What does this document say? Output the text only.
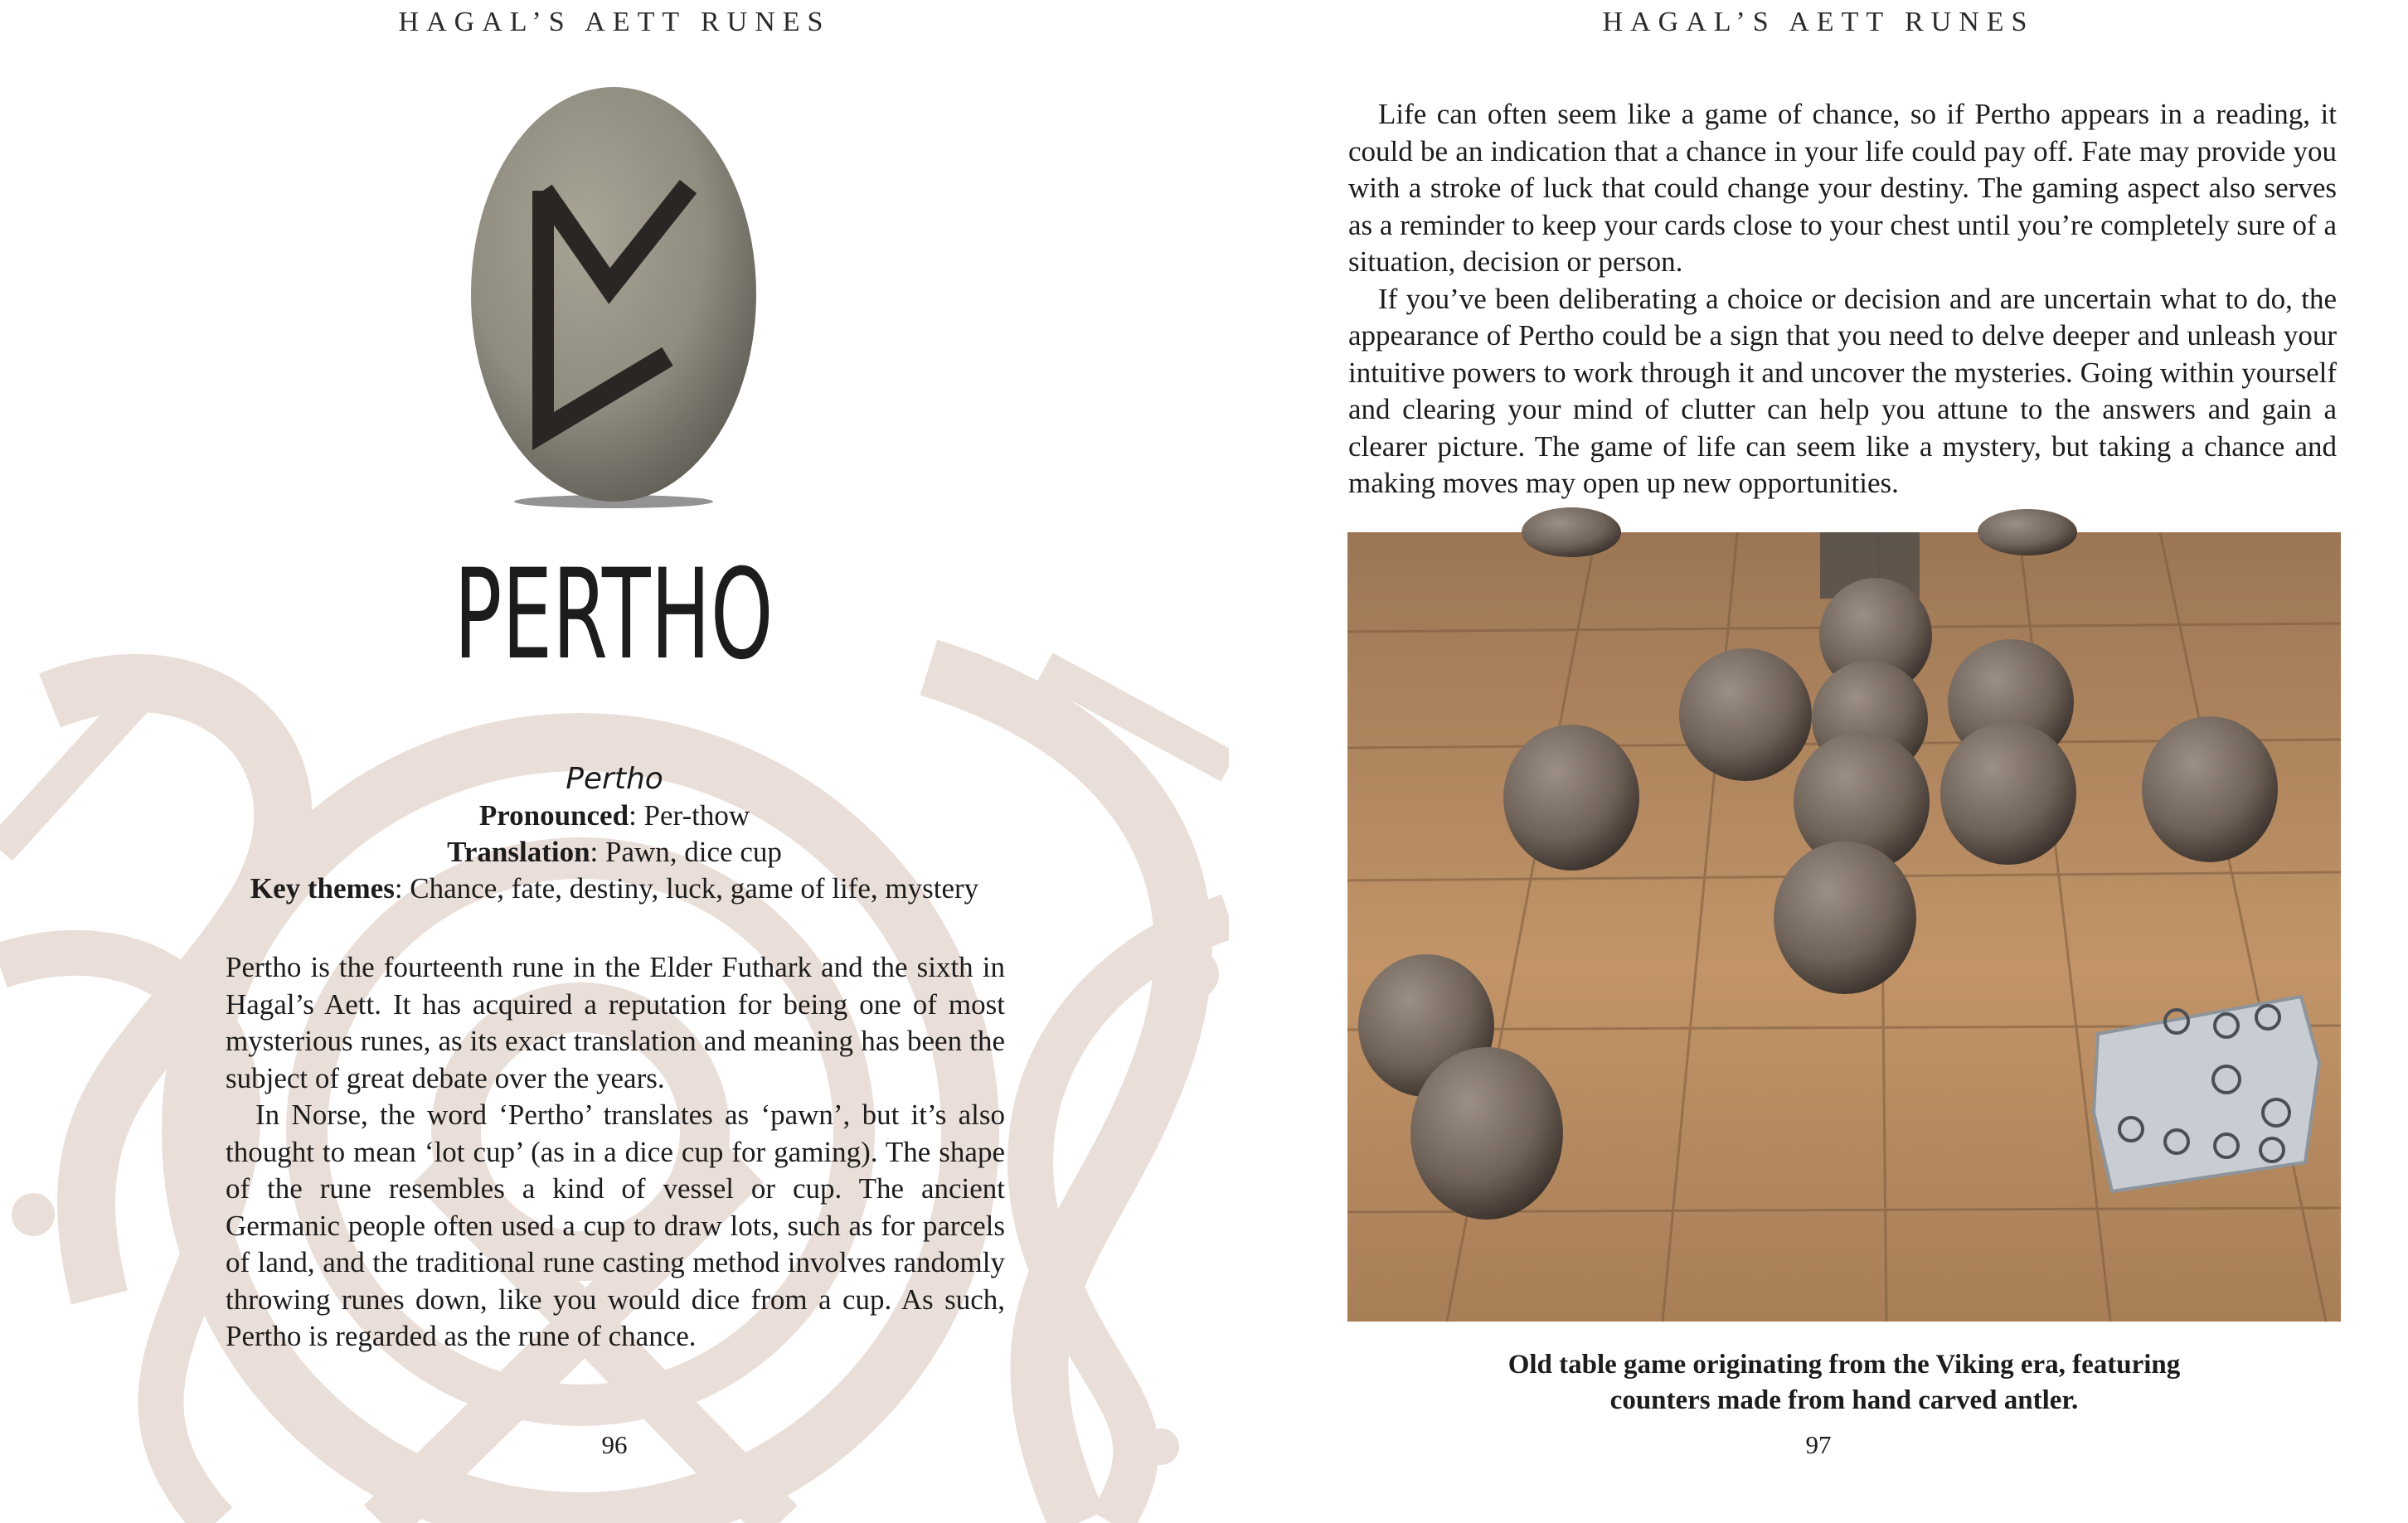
HAGAL’S AETT RUNES
PERTHO
Pertho
Pronounced: Per-thow
Translation: Pawn, dice cup
Key themes: Chance, fate, destiny, luck, game of life, mystery

Pertho is the fourteenth rune in the Elder Futhark and the sixth in Hagal’s Aett. It has acquired a reputation for being one of most mysterious runes, as its exact translation and meaning has been the subject of great debate over the years.

In Norse, the word ‘Pertho’ translates as ‘pawn’, but it’s also thought to mean ‘lot cup’ (as in a dice cup for gaming). The shape of the rune resembles a kind of vessel or cup. The ancient Germanic people often used a cup to draw lots, such as for parcels of land, and the traditional rune casting method involves randomly throwing runes down, like you would dice from a cup. As such, Pertho is regarded as the rune of chance.

96
HAGAL’S AETT RUNES

Life can often seem like a game of chance, so if Pertho appears in a reading, it could be an indication that a chance in your life could pay off. Fate may provide you with a stroke of luck that could change your destiny. The gaming aspect also serves as a reminder to keep your cards close to your chest until you’re completely sure of a situation, decision or person.

If you’ve been deliberating a choice or decision and are uncertain what to do, the appearance of Pertho could be a sign that you need to delve deeper and unleash your intuitive powers to work through it and uncover the mysteries. Going within yourself and clearing your mind of clutter can help you attune to the answers and gain a clearer picture. The game of life can seem like a mystery, but taking a chance and making moves may open up new opportunities.

Old table game originating from the Viking era, featuring
counters made from hand carved antler.
97
